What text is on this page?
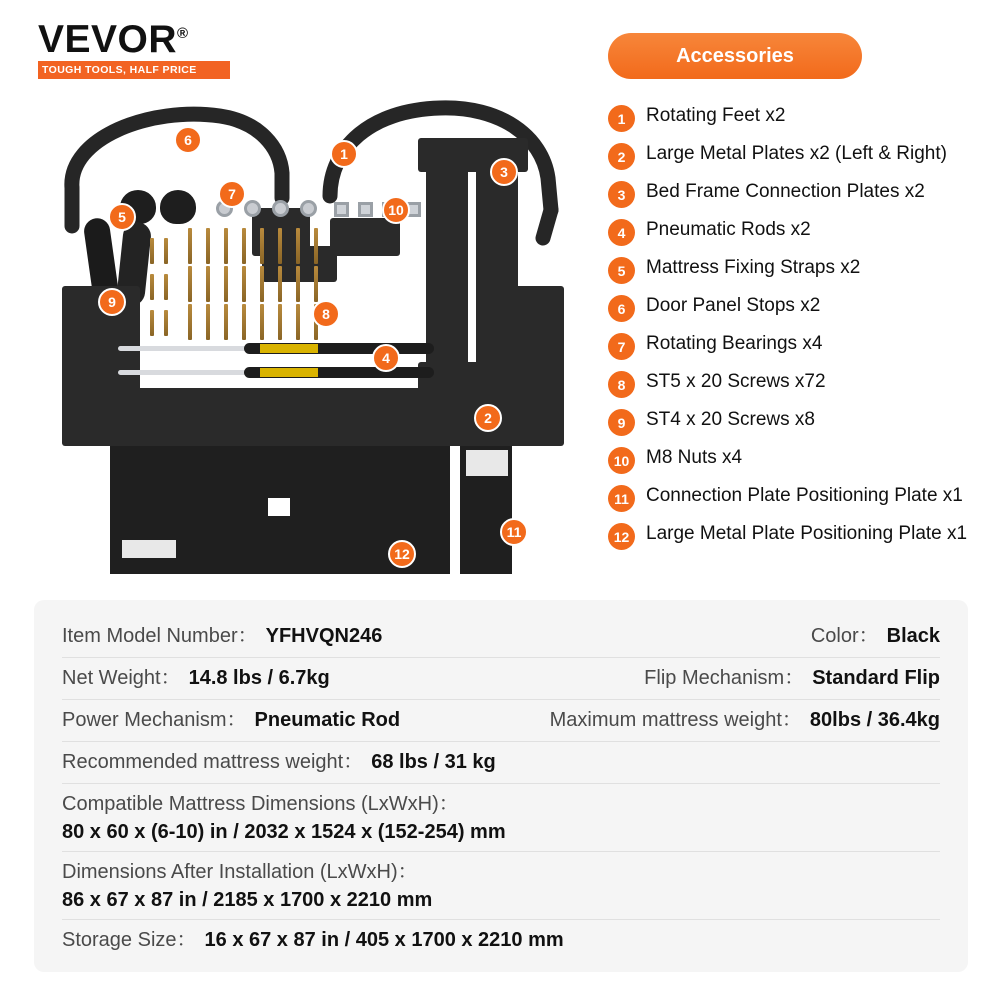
VEVOR®
TOUGH TOOLS, HALF PRICE
1
2
3
4
5
6
7
8
9
10
11
12
Accessories
1	Rotating Feet x2
2	Large Metal Plates x2 (Left & Right)
3	Bed Frame Connection Plates x2
4	Pneumatic Rods x2
5	Mattress Fixing Straps x2
6	Door Panel Stops x2
7	Rotating Bearings x4
8	ST5 x 20 Screws x72
9	ST4 x 20 Screws x8
10 M8 Nuts x4
11 Connection Plate Positioning Plate x1
12 Large Metal Plate Positioning Plate x1
Item Model Number： YFHVQN246	Color： Black
Net Weight： 14.8 lbs / 6.7kg	Flip Mechanism： Standard Flip
Power Mechanism： Pneumatic Rod	Maximum mattress weight： 80lbs / 36.4kg
Recommended mattress weight： 68 lbs / 31 kg
Compatible Mattress Dimensions (LxWxH)：
80 x 60 x (6-10) in / 2032 x 1524 x (152-254) mm
Dimensions After Installation (LxWxH)：
86 x 67 x 87 in / 2185 x 1700 x 2210 mm
Storage Size： 16 x 67 x 87 in / 405 x 1700 x 2210 mm
